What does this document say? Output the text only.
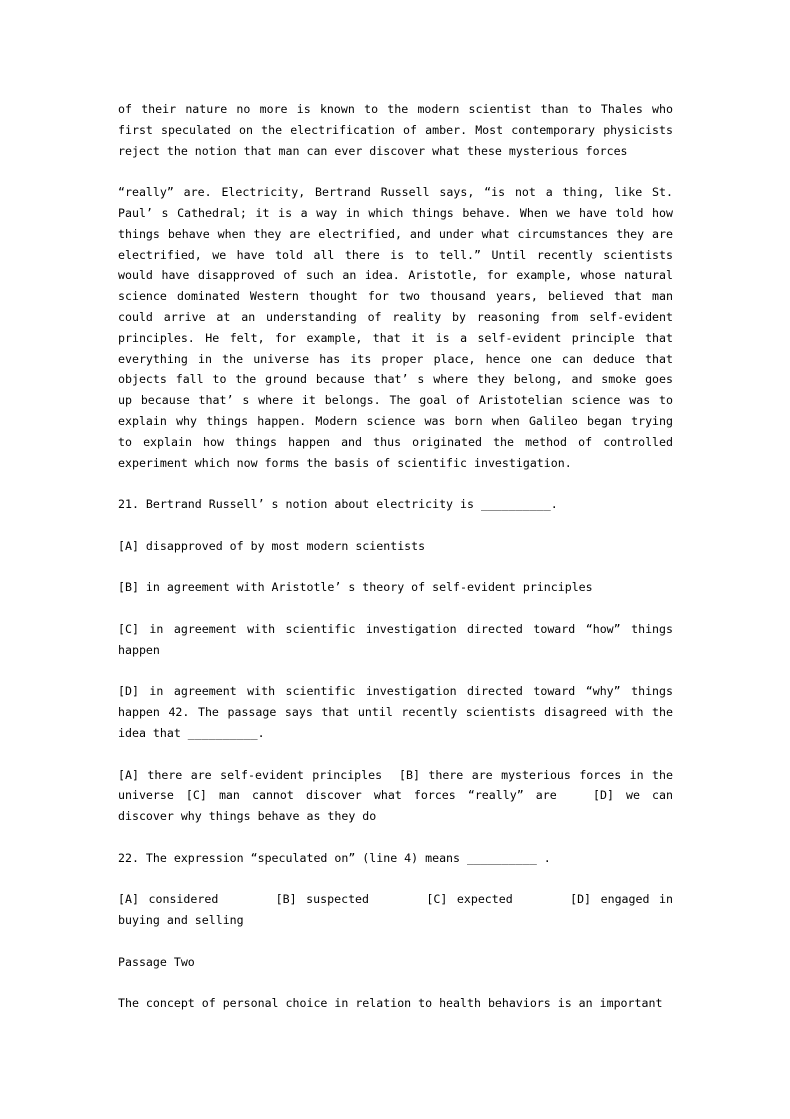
of their nature no more is known to the modern scientist than to Thales who
first speculated on the electrification of amber. Most contemporary physicists
reject the notion that man can ever discover what these mysterious forces
“really” are. Electricity, Bertrand Russell says, “is not a thing, like St.
Paul’ s Cathedral; it is a way in which things behave. When we have told how
things behave when they are electrified, and under what circumstances they are
electrified, we have told all there is to tell.” Until recently scientists
would have disapproved of such an idea. Aristotle, for example, whose natural
science dominated Western thought for two thousand years, believed that man
could arrive at an understanding of reality by reasoning from self-evident
principles. He felt, for example, that it is a self-evident principle that
everything in the universe has its proper place, hence one can deduce that
objects fall to the ground because that’ s where they belong, and smoke goes
up because that’ s where it belongs. The goal of Aristotelian science was to
explain why things happen. Modern science was born when Galileo began trying
to explain how things happen and thus originated the method of controlled
experiment which now forms the basis of scientific investigation.
21. Bertrand Russell’ s notion about electricity is __________.
[A] disapproved of by most modern scientists
[B] in agreement with Aristotle’ s theory of self-evident principles
[C] in agreement with scientific investigation directed toward “how” things
happen
[D] in agreement with scientific investigation directed toward “why” things
happen 42. The passage says that until recently scientists disagreed with the
idea that __________.
[A] there are self-evident principles  [B] there are mysterious forces in the
universe [C] man cannot discover what forces “really” are   [D] we can
discover why things behave as they do
22. The expression “speculated on” (line 4) means __________ .
[A] considered      [B] suspected      [C] expected      [D] engaged in
buying and selling
Passage Two
The concept of personal choice in relation to health behaviors is an important
